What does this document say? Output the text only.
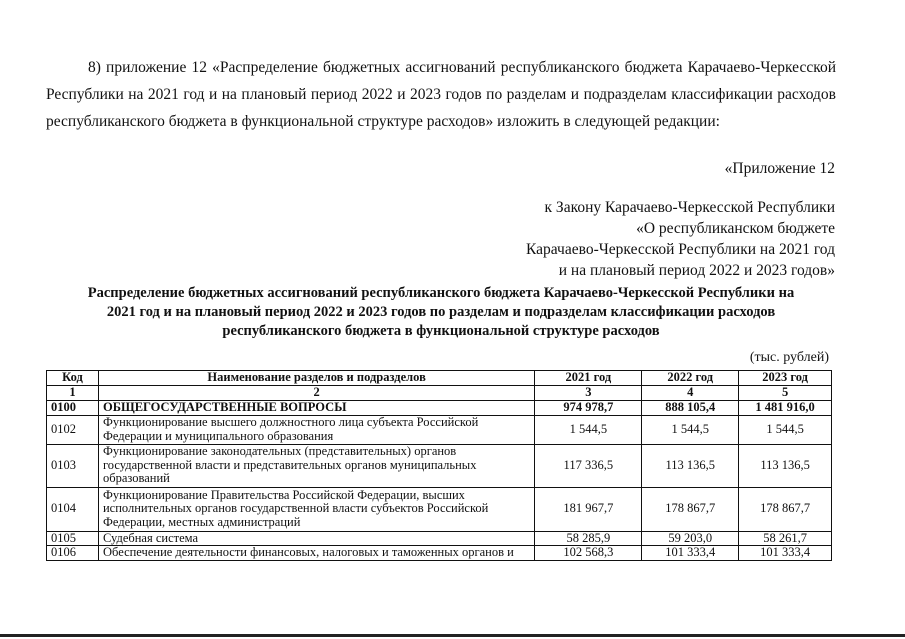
8) приложение 12 «Распределение бюджетных ассигнований республиканского бюджета Карачаево-Черкесской Республики на 2021 год и на плановый период 2022 и 2023 годов по разделам и подразделам классификации расходов республиканского бюджета в функциональной структуре расходов» изложить в следующей редакции:
«Приложение 12
к Закону Карачаево-Черкесской Республики
«О республиканском бюджете
Карачаево-Черкесской Республики на 2021 год
и на плановый период 2022 и 2023 годов»
Распределение бюджетных ассигнований республиканского бюджета Карачаево-Черкесской Республики на
2021 год и на плановый период 2022 и 2023 годов по разделам и подразделам классификации расходов
республиканского бюджета в функциональной структуре расходов
(тыс. рублей)
Код	Наименование разделов и подразделов	2021 год	2022 год	2023 год
1	2	3	4	5
0100	ОБЩЕГОСУДАРСТВЕННЫЕ ВОПРОСЫ	974 978,7	888 105,4	1 481 916,0
0102	Функционирование высшего должностного лица субъекта Российской Федерации и муниципального образования	1 544,5	1 544,5	1 544,5
0103	Функционирование законодательных (представительных) органов государственной власти и представительных органов муниципальных образований	117 336,5	113 136,5	113 136,5
0104	Функционирование Правительства Российской Федерации, высших исполнительных органов государственной власти субъектов Российской Федерации, местных администраций	181 967,7	178 867,7	178 867,7
0105	Судебная система	58 285,9	59 203,0	58 261,7
0106	Обеспечение деятельности финансовых, налоговых и таможенных органов и	102 568,3	101 333,4	101 333,4
